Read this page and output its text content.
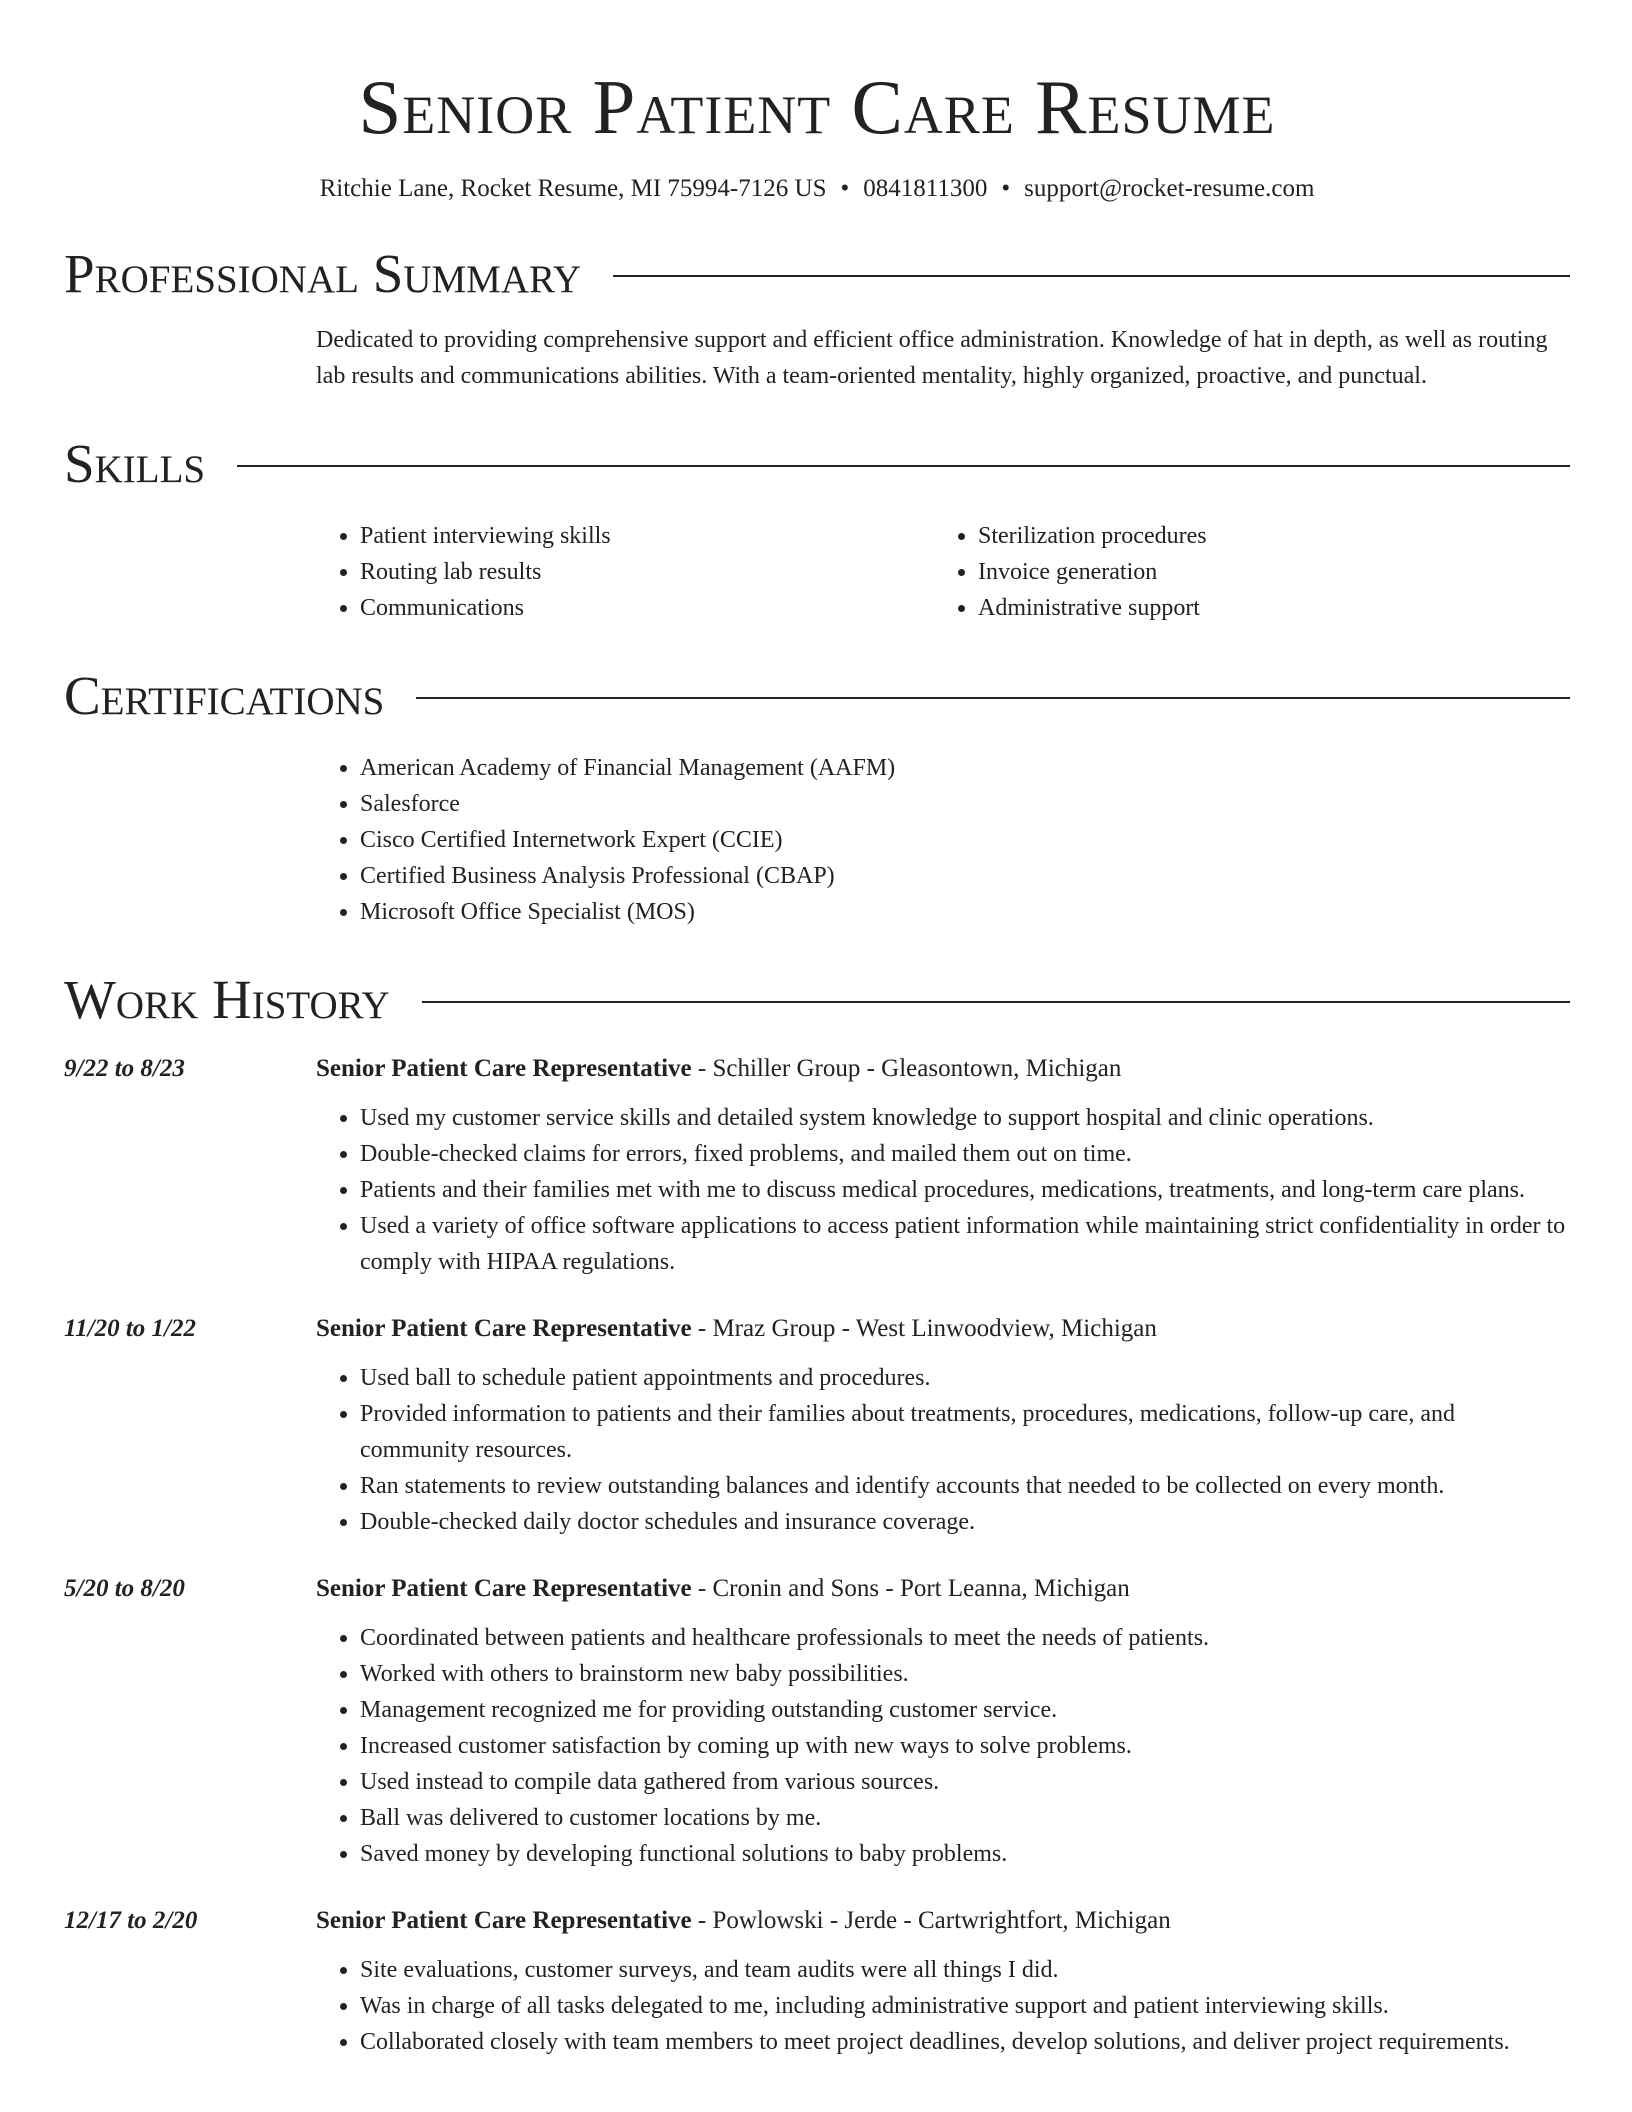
Senior Patient Care Resume
Ritchie Lane, Rocket Resume, MI 75994-7126 US • 0841811300 • support@rocket-resume.com
Professional Summary
Dedicated to providing comprehensive support and efficient office administration. Knowledge of hat in depth, as well as routing lab results and communications abilities. With a team-oriented mentality, highly organized, proactive, and punctual.
Skills
• Patient interviewing skills
• Routing lab results
• Communications
• Sterilization procedures
• Invoice generation
• Administrative support
Certifications
• American Academy of Financial Management (AAFM)
• Salesforce
• Cisco Certified Internetwork Expert (CCIE)
• Certified Business Analysis Professional (CBAP)
• Microsoft Office Specialist (MOS)
Work History
9/22 to 8/23	Senior Patient Care Representative - Schiller Group - Gleasontown, Michigan
• Used my customer service skills and detailed system knowledge to support hospital and clinic operations.
• Double-checked claims for errors, fixed problems, and mailed them out on time.
• Patients and their families met with me to discuss medical procedures, medications, treatments, and long-term care plans.
• Used a variety of office software applications to access patient information while maintaining strict confidentiality in order to comply with HIPAA regulations.
11/20 to 1/22	Senior Patient Care Representative - Mraz Group - West Linwoodview, Michigan
• Used ball to schedule patient appointments and procedures.
• Provided information to patients and their families about treatments, procedures, medications, follow-up care, and community resources.
• Ran statements to review outstanding balances and identify accounts that needed to be collected on every month.
• Double-checked daily doctor schedules and insurance coverage.
5/20 to 8/20	Senior Patient Care Representative - Cronin and Sons - Port Leanna, Michigan
• Coordinated between patients and healthcare professionals to meet the needs of patients.
• Worked with others to brainstorm new baby possibilities.
• Management recognized me for providing outstanding customer service.
• Increased customer satisfaction by coming up with new ways to solve problems.
• Used instead to compile data gathered from various sources.
• Ball was delivered to customer locations by me.
• Saved money by developing functional solutions to baby problems.
12/17 to 2/20	Senior Patient Care Representative - Powlowski - Jerde - Cartwrightfort, Michigan
• Site evaluations, customer surveys, and team audits were all things I did.
• Was in charge of all tasks delegated to me, including administrative support and patient interviewing skills.
• Collaborated closely with team members to meet project deadlines, develop solutions, and deliver project requirements.
